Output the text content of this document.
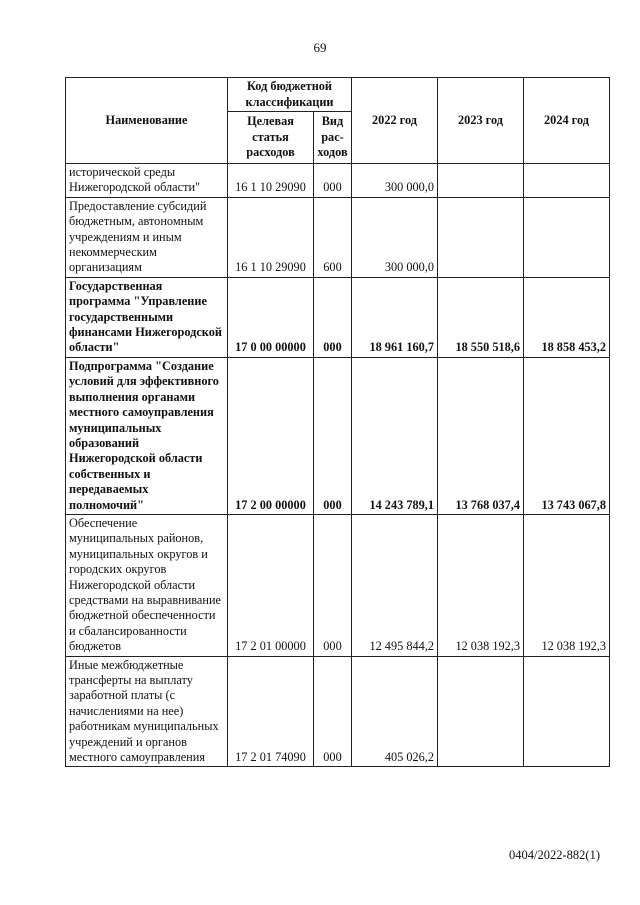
69
Наименование	Код бюджетной классификации		2022 год	2023 год	2024 год
	Целевая статья расходов	Вид рас-ходов			
исторической среды Нижегородской области"	16 1 10 29090	000	300 000,0		
Предоставление субсидий бюджетным, автономным учреждениям и иным некоммерческим организациям	16 1 10 29090	600	300 000,0		
Государственная программа "Управление государственными финансами Нижегородской области"	17 0 00 00000	000	18 961 160,7	18 550 518,6	18 858 453,2
Подпрограмма "Создание условий для эффективного выполнения органами местного самоуправления муниципальных образований Нижегородской области собственных и передаваемых полномочий"	17 2 00 00000	000	14 243 789,1	13 768 037,4	13 743 067,8
Обеспечение муниципальных районов, муниципальных округов и городских округов Нижегородской области средствами на выравнивание бюджетной обеспеченности и сбалансированности бюджетов	17 2 01 00000	000	12 495 844,2	12 038 192,3	12 038 192,3
Иные межбюджетные трансферты на выплату заработной платы (с начислениями на нее) работникам муниципальных учреждений и органов местного самоуправления	17 2 01 74090	000	405 026,2		
0404/2022-882(1)
